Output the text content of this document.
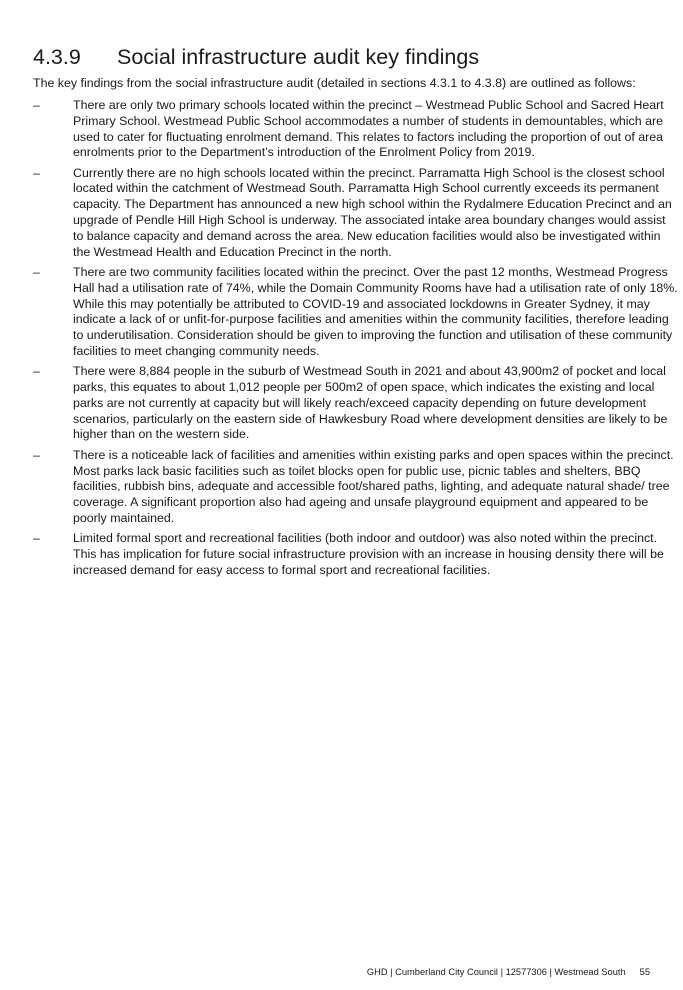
4.3.9 Social infrastructure audit key findings

The key findings from the social infrastructure audit (detailed in sections 4.3.1 to 4.3.8) are outlined as follows:

–	There are only two primary schools located within the precinct – Westmead Public School and Sacred Heart Primary School. Westmead Public School accommodates a number of students in demountables, which are used to cater for fluctuating enrolment demand. This relates to factors including the proportion of out of area enrolments prior to the Department’s introduction of the Enrolment Policy from 2019.
–	Currently there are no high schools located within the precinct. Parramatta High School is the closest school located within the catchment of Westmead South. Parramatta High School currently exceeds its permanent capacity. The Department has announced a new high school within the Rydalmere Education Precinct and an upgrade of Pendle Hill High School is underway. The associated intake area boundary changes would assist to balance capacity and demand across the area. New education facilities would also be investigated within the Westmead Health and Education Precinct in the north.
–	There are two community facilities located within the precinct. Over the past 12 months, Westmead Progress Hall had a utilisation rate of 74%, while the Domain Community Rooms have had a utilisation rate of only 18%. While this may potentially be attributed to COVID-19 and associated lockdowns in Greater Sydney, it may indicate a lack of or unfit-for-purpose facilities and amenities within the community facilities, therefore leading to underutilisation. Consideration should be given to improving the function and utilisation of these community facilities to meet changing community needs.
–	There were 8,884 people in the suburb of Westmead South in 2021 and about 43,900m2 of pocket and local parks, this equates to about 1,012 people per 500m2 of open space, which indicates the existing and local parks are not currently at capacity but will likely reach/exceed capacity depending on future development scenarios, particularly on the eastern side of Hawkesbury Road where development densities are likely to be higher than on the western side.
–	There is a noticeable lack of facilities and amenities within existing parks and open spaces within the precinct. Most parks lack basic facilities such as toilet blocks open for public use, picnic tables and shelters, BBQ facilities, rubbish bins, adequate and accessible foot/shared paths, lighting, and adequate natural shade/ tree coverage. A significant proportion also had ageing and unsafe playground equipment and appeared to be poorly maintained.
–	Limited formal sport and recreational facilities (both indoor and outdoor) was also noted within the precinct. This has implication for future social infrastructure provision with an increase in housing density there will be increased demand for easy access to formal sport and recreational facilities.
GHD | Cumberland City Council | 12577306 | Westmead South 55
